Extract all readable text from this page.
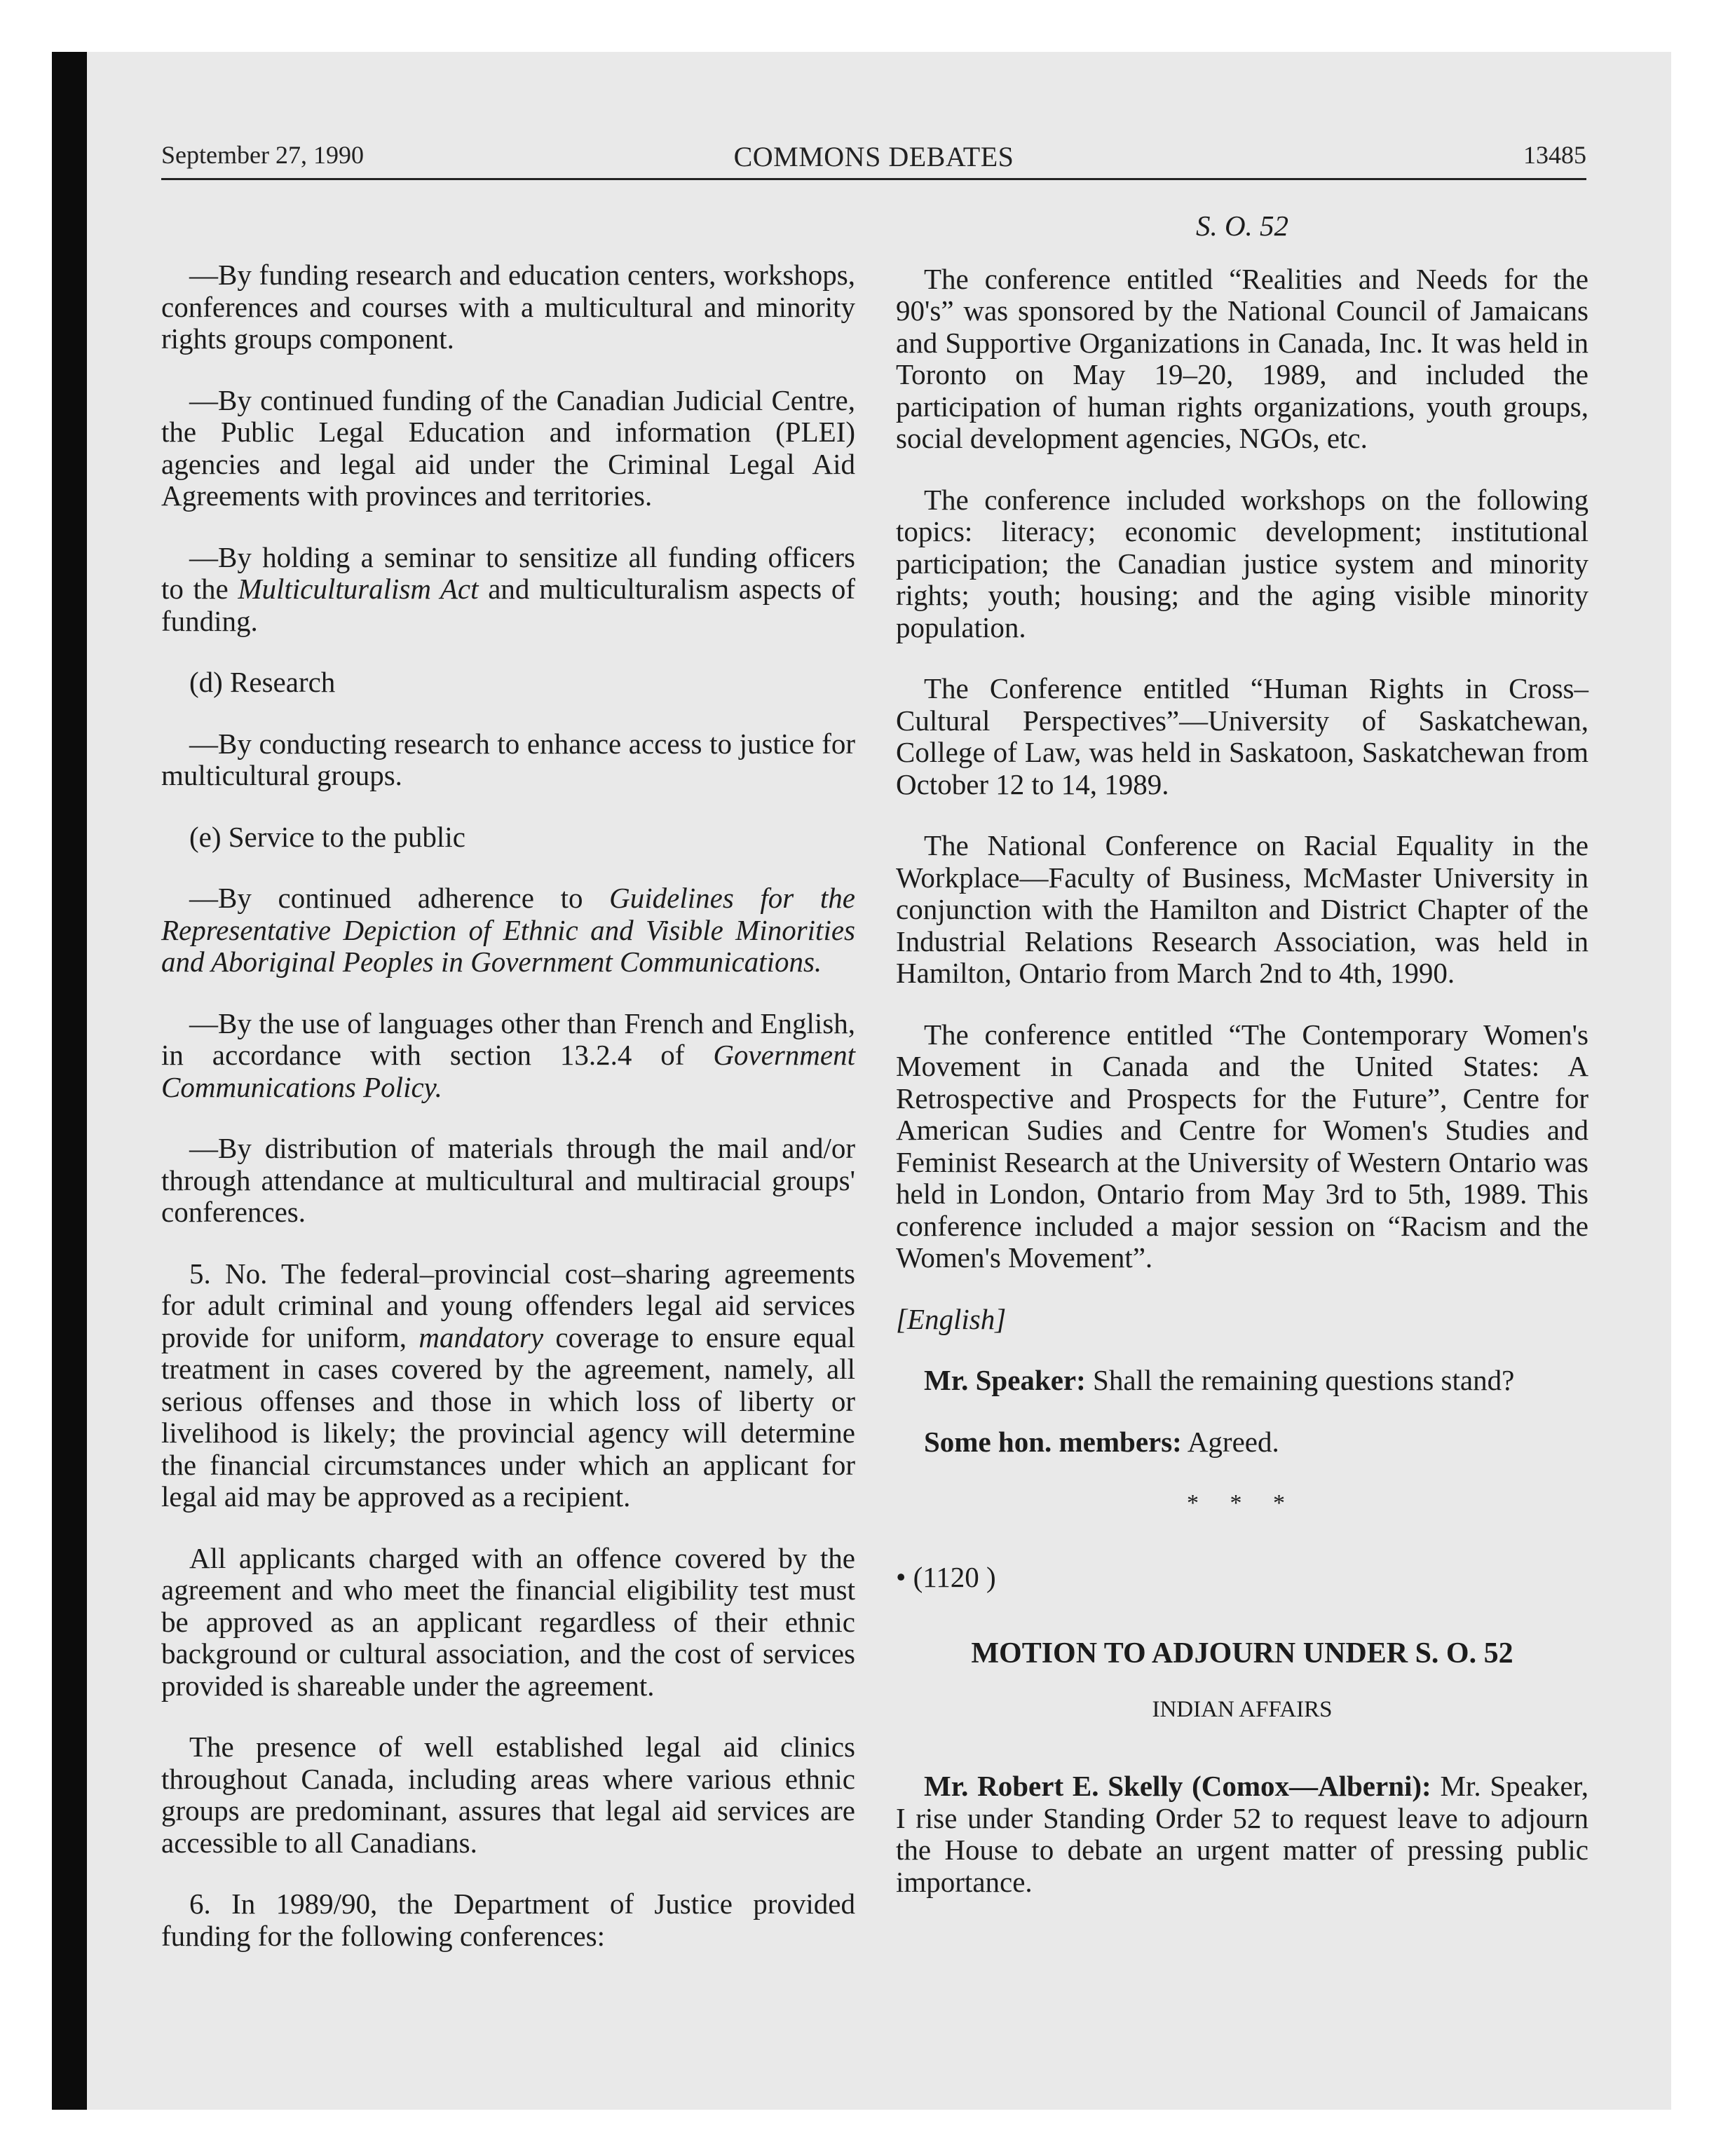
September 27, 1990	COMMONS DEBATES	13485

—By funding research and education centers, workshops, conferences and courses with a multicultural and minority rights groups component.

—By continued funding of the Canadian Judicial Centre, the Public Legal Education and information (PLEI) agencies and legal aid under the Criminal Legal Aid Agreements with provinces and territories.

—By holding a seminar to sensitize all funding officers to the Multiculturalism Act and multiculturalism aspects of funding.

(d) Research

—By conducting research to enhance access to justice for multicultural groups.

(e) Service to the public

—By continued adherence to Guidelines for the Representative Depiction of Ethnic and Visible Minorities and Aboriginal Peoples in Government Communications.

—By the use of languages other than French and English, in accordance with section 13.2.4 of Government Communications Policy.

—By distribution of materials through the mail and/or through attendance at multicultural and multiracial groups' conferences.

5. No. The federal–provincial cost–sharing agreements for adult criminal and young offenders legal aid services provide for uniform, mandatory coverage to ensure equal treatment in cases covered by the agreement, namely, all serious offenses and those in which loss of liberty or livelihood is likely; the provincial agency will determine the financial circumstances under which an applicant for legal aid may be approved as a recipient.

All applicants charged with an offence covered by the agreement and who meet the financial eligibility test must be approved as an applicant regardless of their ethnic background or cultural association, and the cost of services provided is shareable under the agreement.

The presence of well established legal aid clinics throughout Canada, including areas where various ethnic groups are predominant, assures that legal aid services are accessible to all Canadians.

6. In 1989/90, the Department of Justice provided funding for the following conferences:

S. O. 52

The conference entitled “Realities and Needs for the 90's” was sponsored by the National Council of Jamaicans and Supportive Organizations in Canada, Inc. It was held in Toronto on May 19–20, 1989, and included the participation of human rights organizations, youth groups, social development agencies, NGOs, etc.

The conference included workshops on the following topics: literacy; economic development; institutional participation; the Canadian justice system and minority rights; youth; housing; and the aging visible minority population.

The Conference entitled “Human Rights in Cross–Cultural Perspectives”—University of Saskatchewan, College of Law, was held in Saskatoon, Saskatchewan from October 12 to 14, 1989.

The National Conference on Racial Equality in the Workplace—Faculty of Business, McMaster University in conjunction with the Hamilton and District Chapter of the Industrial Relations Research Association, was held in Hamilton, Ontario from March 2nd to 4th, 1990.

The conference entitled “The Contemporary Women's Movement in Canada and the United States: A Retrospective and Prospects for the Future”, Centre for American Sudies and Centre for Women's Studies and Feminist Research at the University of Western Ontario was held in London, Ontario from May 3rd to 5th, 1989. This conference included a major session on “Racism and the Women's Movement”.

[English]

Mr. Speaker: Shall the remaining questions stand?

Some hon. members: Agreed.

* * *

• (1120 )

MOTION TO ADJOURN UNDER S. O. 52

INDIAN AFFAIRS

Mr. Robert E. Skelly (Comox—Alberni): Mr. Speaker, I rise under Standing Order 52 to request leave to adjourn the House to debate an urgent matter of pressing public importance.
